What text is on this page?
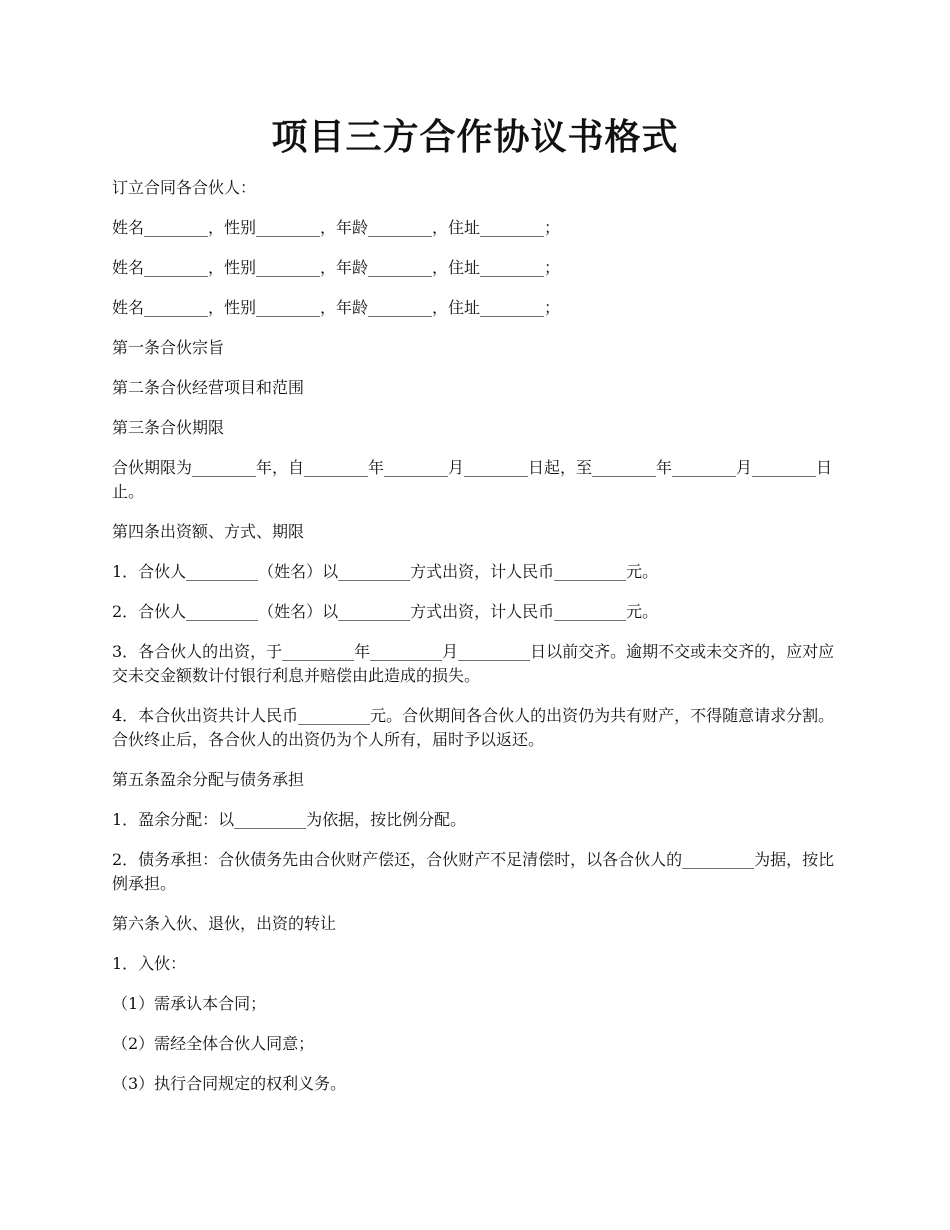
项目三方合作协议书格式

订立合同各合伙人：

姓名________，性别________，年龄________，住址________；

姓名________，性别________，年龄________，住址________；

姓名________，性别________，年龄________，住址________；

第一条合伙宗旨

第二条合伙经营项目和范围

第三条合伙期限

合伙期限为________年，自________年________月________日起，至________年________月________日止。

第四条出资额、方式、期限

1．合伙人_________（姓名）以_________方式出资，计人民币_________元。

2．合伙人_________（姓名）以_________方式出资，计人民币_________元。

3．各合伙人的出资，于_________年_________月_________日以前交齐。逾期不交或未交齐的，应对应交未交金额数计付银行利息并赔偿由此造成的损失。

4．本合伙出资共计人民币_________元。合伙期间各合伙人的出资仍为共有财产，不得随意请求分割。合伙终止后，各合伙人的出资仍为个人所有，届时予以返还。

第五条盈余分配与债务承担

1．盈余分配：以_________为依据，按比例分配。

2．债务承担：合伙债务先由合伙财产偿还，合伙财产不足清偿时，以各合伙人的_________为据，按比例承担。

第六条入伙、退伙，出资的转让

1．入伙：

（1）需承认本合同；

（2）需经全体合伙人同意；

（3）执行合同规定的权利义务。
